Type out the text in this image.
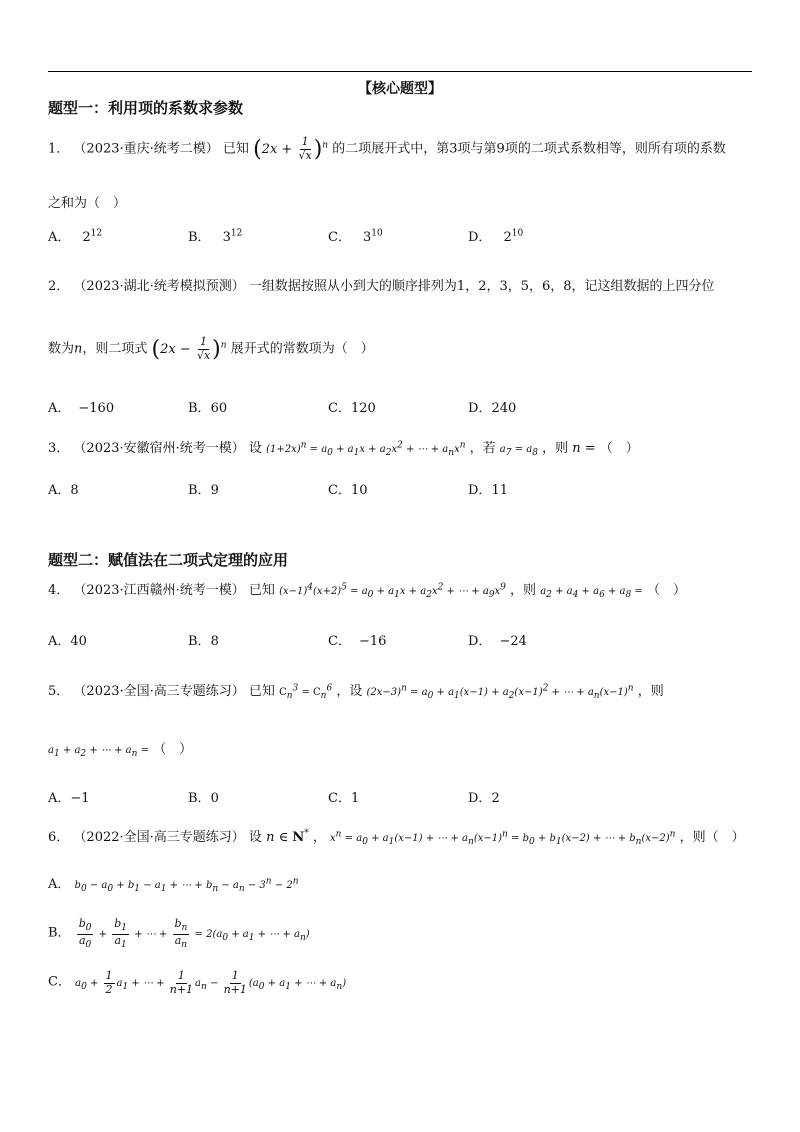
【核心题型】
题型一：利用项的系数求参数
1． （2023·重庆·统考二模） 已知 $(2x + \frac{1}{√x} )^n$ 的二项展开式中，第3项与第9项的二项式系数相等，则所有项的系数
之和为（　）
A． $2^{12}$	B． $3^{12}$	C． $3^{10}$	D． $2^{10}$
2． （2023·湖北·统考模拟预测） 一组数据按照从小到大的顺序排列为1，2，3，5，6，8，记这组数据的上四分位
数为n，则二项式 $(2x - \frac{1}{√x} )^n$ 展开式的常数项为（　）
A． −160	B．60	C．120	D．240
3． （2023·安徽宿州·统考一模） 设 (1+2x)n = a0 + a1x + a2x2 + ⋯ + anxn ，若 a7 = a8 ，则 n = （　）
A．8	B．9	C．10	D．11
题型二：赋值法在二项式定理的应用
4． （2023·江西赣州·统考一模） 已知 (x−1)4(x+2)5 = a0 + a1x + a2x2 + ⋯ + a9x9 ，则 a2 + a4 + a6 + a8 = （　）
A．40	B．8	C． −16	D． −24
5． （2023·全国·高三专题练习） 已知 Cn3 = Cn6 ，设 (2x−3)n = a0 + a1(x−1) + a2(x−1)2 + ⋯ + an(x−1)n ，则
a1 + a2 + ⋯ + an = （　）
A．−1	B．0	C．1	D．2
6． （2022·全国·高三专题练习） 设 n ∈ N* ， xn = a0 + a1(x−1) + ⋯ + an(x−1)n = b0 + b1(x−2) + ⋯ + bn(x−2)n ，则（　）
A． b0 − a0 + b1 − a1 + ⋯ + bn − an − 3n − 2n
B． $\frac{b_0}{a_0} + \frac{b_1}{a_1}$ + ⋯ + $\frac{b_n}{a_n} = 2(a0 + a1$ + ⋯ + an)
C． $a0 + \frac{1}{2} a1$ + ⋯ + $\frac{1}{n+1}$ an − $\frac{1}{n+1} (a0 + a1$ + ⋯ + an)
